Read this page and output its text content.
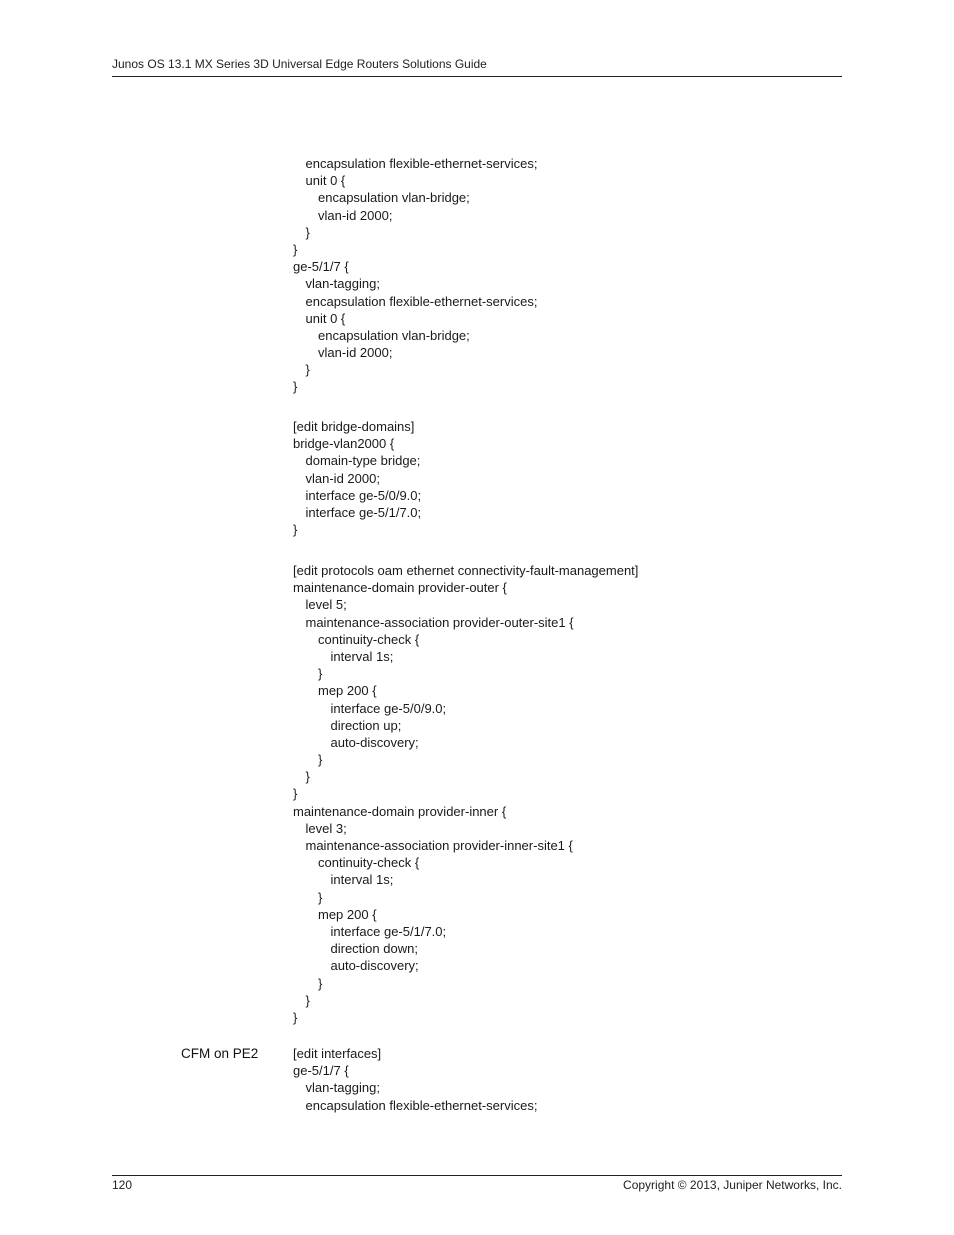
Junos OS 13.1 MX Series 3D Universal Edge Routers Solutions Guide
encapsulation flexible-ethernet-services;
unit 0 {
encapsulation vlan-bridge;
vlan-id 2000;
}
}
ge-5/1/7 {
vlan-tagging;
encapsulation flexible-ethernet-services;
unit 0 {
encapsulation vlan-bridge;
vlan-id 2000;
}
}
[edit bridge-domains]
bridge-vlan2000 {
domain-type bridge;
vlan-id 2000;
interface ge-5/0/9.0;
interface ge-5/1/7.0;
}
[edit protocols oam ethernet connectivity-fault-management]
maintenance-domain provider-outer {
level 5;
maintenance-association provider-outer-site1 {
continuity-check {
interval 1s;
}
mep 200 {
interface ge-5/0/9.0;
direction up;
auto-discovery;
}
}
}
maintenance-domain provider-inner {
level 3;
maintenance-association provider-inner-site1 {
continuity-check {
interval 1s;
}
mep 200 {
interface ge-5/1/7.0;
direction down;
auto-discovery;
}
}
}
[edit interfaces]
ge-5/1/7 {
vlan-tagging;
encapsulation flexible-ethernet-services;
CFM on PE2
120	Copyright © 2013, Juniper Networks, Inc.
